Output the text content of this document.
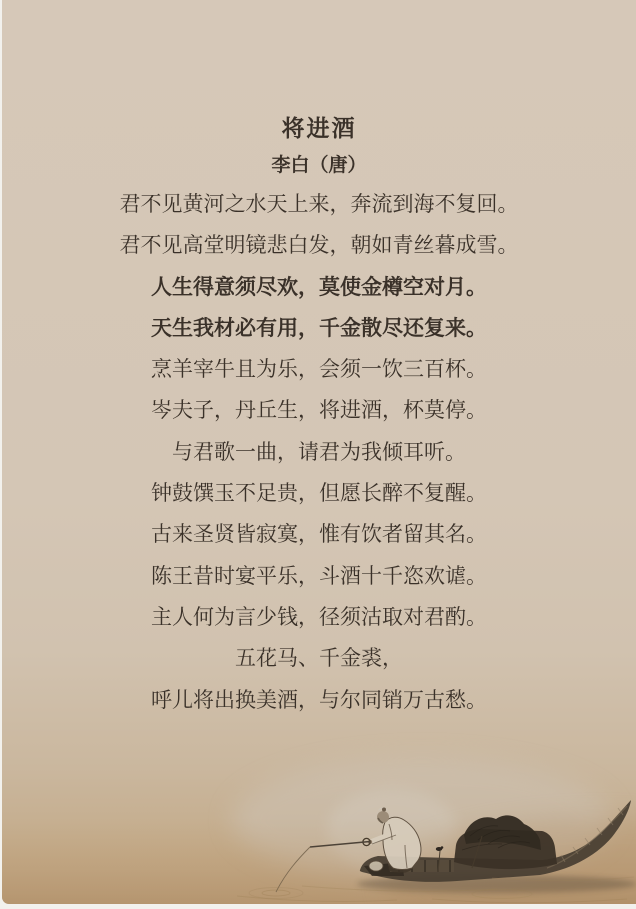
将进酒
李白（唐）
君不见黄河之水天上来，奔流到海不复回。
君不见高堂明镜悲白发，朝如青丝暮成雪。
人生得意须尽欢，莫使金樽空对月。
天生我材必有用，千金散尽还复来。
烹羊宰牛且为乐，会须一饮三百杯。
岑夫子，丹丘生，将进酒，杯莫停。
与君歌一曲，请君为我倾耳听。
钟鼓馔玉不足贵，但愿长醉不复醒。
古来圣贤皆寂寞，惟有饮者留其名。
陈王昔时宴平乐，斗酒十千恣欢谑。
主人何为言少钱，径须沽取对君酌。
五花马、千金裘，
呼儿将出换美酒，与尔同销万古愁。
